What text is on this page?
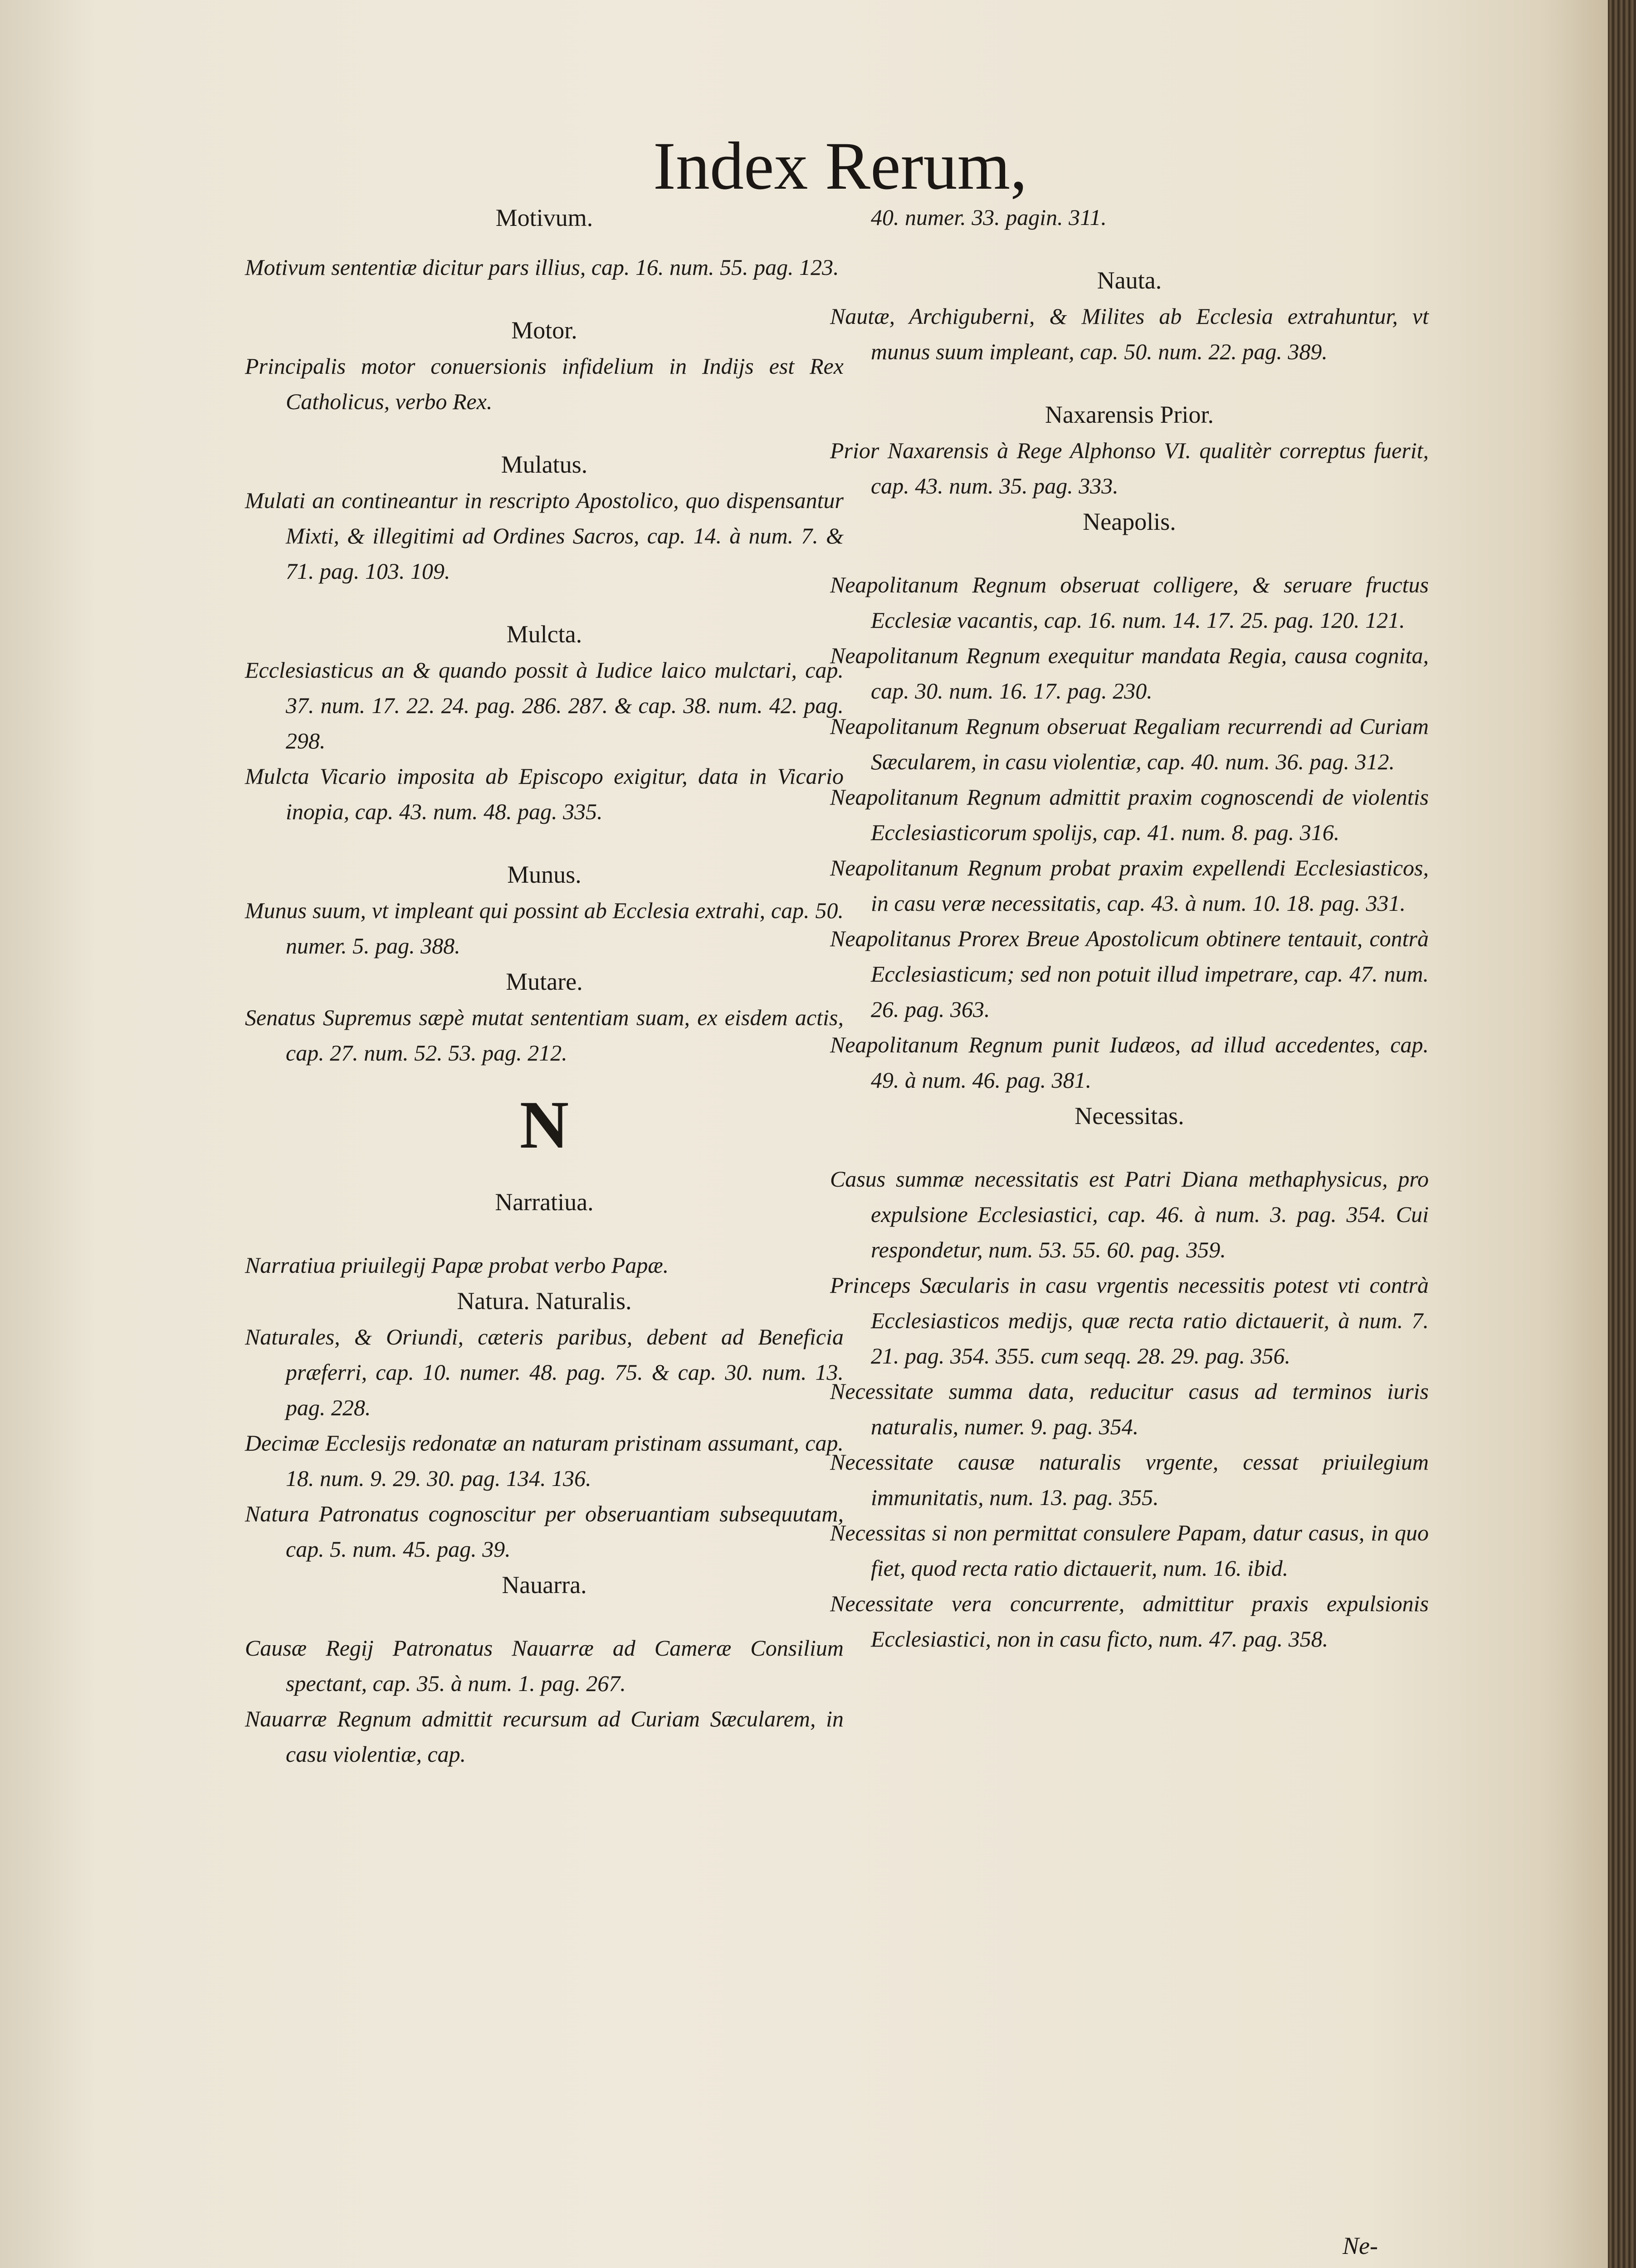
Index Rerum,

Motivum.

Motivum sententiæ dicitur pars illius, cap. 16. num. 55. pag. 123.

Motor.

Principalis motor conuersionis infidelium in Indijs est Rex Catholicus, verbo Rex.

Mulatus.

Mulati an contineantur in rescripto Apostolico, quo dispensantur Mixti, & illegitimi ad Ordines Sacros, cap. 14. à num. 7. & 71. pag. 103. 109.

Mulcta.

Ecclesiasticus an & quando possit à Iudice laico mulctari, cap. 37. num. 17. 22. 24. pag. 286. 287. & cap. 38. num. 42. pag. 298.

Mulcta Vicario imposita ab Episcopo exigitur, data in Vicario inopia, cap. 43. num. 48. pag. 335.

Munus.

Munus suum, vt impleant qui possint ab Ecclesia extrahi, cap. 50. numer. 5. pag. 388.

Mutare.

Senatus Supremus sæpè mutat sententiam suam, ex eisdem actis, cap. 27. num. 52. 53. pag. 212.

N

Narratiua.

Narratiua priuilegij Papæ probat verbo Papæ.

Natura. Naturalis.

Naturales, & Oriundi, cæteris paribus, debent ad Beneficia præferri, cap. 10. numer. 48. pag. 75. & cap. 30. num. 13. pag. 228.

Decimæ Ecclesijs redonatæ an naturam pristinam assumant, cap. 18. num. 9. 29. 30. pag. 134. 136.

Natura Patronatus cognoscitur per obseruantiam subsequutam, cap. 5. num. 45. pag. 39.

Nauarra.

Causæ Regij Patronatus Nauarræ ad Cameræ Consilium spectant, cap. 35. à num. 1. pag. 267.

Nauarræ Regnum admittit recursum ad Curiam Sæcularem, in casu violentiæ, cap.

40. numer. 33. pagin. 311.

Nauta.

Nautæ, Archiguberni, & Milites ab Ecclesia extrahuntur, vt munus suum impleant, cap. 50. num. 22. pag. 389.

Naxarensis Prior.

Prior Naxarensis à Rege Alphonso VI. qualitèr correptus fuerit, cap. 43. num. 35. pag. 333.

Neapolis.

Neapolitanum Regnum obseruat colligere, & seruare fructus Ecclesiæ vacantis, cap. 16. num. 14. 17. 25. pag. 120. 121.

Neapolitanum Regnum exequitur mandata Regia, causa cognita, cap. 30. num. 16. 17. pag. 230.

Neapolitanum Regnum obseruat Regaliam recurrendi ad Curiam Sæcularem, in casu violentiæ, cap. 40. num. 36. pag. 312.

Neapolitanum Regnum admittit praxim cognoscendi de violentis Ecclesiasticorum spolijs, cap. 41. num. 8. pag. 316.

Neapolitanum Regnum probat praxim expellendi Ecclesiasticos, in casu veræ necessitatis, cap. 43. à num. 10. 18. pag. 331.

Neapolitanus Prorex Breue Apostolicum obtinere tentauit, contrà Ecclesiasticum; sed non potuit illud impetrare, cap. 47. num. 26. pag. 363.

Neapolitanum Regnum punit Iudæos, ad illud accedentes, cap. 49. à num. 46. pag. 381.

Necessitas.

Casus summæ necessitatis est Patri Diana methaphysicus, pro expulsione Ecclesiastici, cap. 46. à num. 3. pag. 354. Cui respondetur, num. 53. 55. 60. pag. 359.

Princeps Sæcularis in casu vrgentis necessitis potest vti contrà Ecclesiasticos medijs, quæ recta ratio dictauerit, à num. 7. 21. pag. 354. 355. cum seqq. 28. 29. pag. 356.

Necessitate summa data, reducitur casus ad terminos iuris naturalis, numer. 9. pag. 354.

Necessitate causæ naturalis vrgente, cessat priuilegium immunitatis, num. 13. pag. 355.

Necessitas si non permittat consulere Papam, datur casus, in quo fiet, quod recta ratio dictauerit, num. 16. ibid.

Necessitate vera concurrente, admittitur praxis expulsionis Ecclesiastici, non in casu ficto, num. 47. pag. 358.

Ne-
